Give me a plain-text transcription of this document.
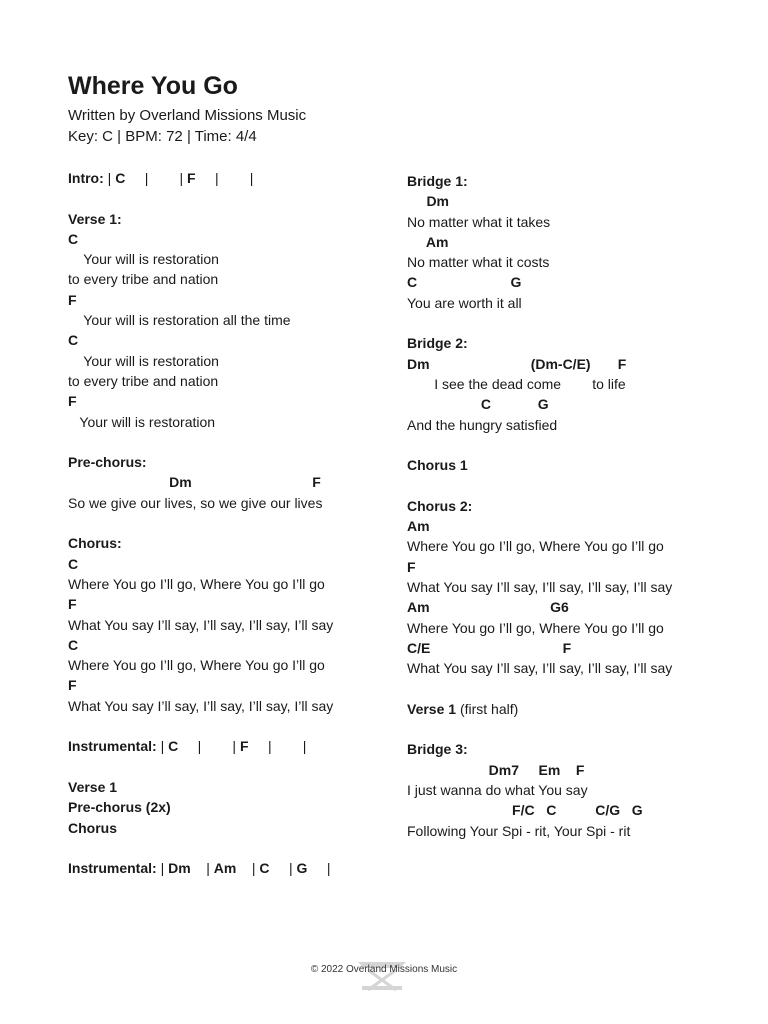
Where You Go
Written by Overland Missions Music
Key: C | BPM: 72 | Time: 4/4
Intro: | C     |        | F     |        |
Verse 1:
C
Your will is restoration
to every tribe and nation
F
Your will is restoration all the time
C
Your will is restoration
to every tribe and nation
F
Your will is restoration
Pre-chorus:
Dm                               F
So we give our lives, so we give our lives
Chorus:
C
Where You go I’ll go, Where You go I’ll go
F
What You say I’ll say, I’ll say, I’ll say, I’ll say
C
Where You go I’ll go, Where You go I’ll go
F
What You say I’ll say, I’ll say, I’ll say, I’ll say
Instrumental: | C     |        | F     |        |
Verse 1
Pre-chorus (2x)
Chorus
Instrumental: | Dm    | Am    | C     | G     |
Bridge 1:
Dm
No matter what it takes
Am
No matter what it costs
C                        G
You are worth it all
Bridge 2:
Dm                          (Dm-C/E)       F
I see the dead come        to life
C            G
And the hungry satisfied
Chorus 1
Chorus 2:
Am
Where You go I’ll go, Where You go I’ll go
F
What You say I’ll say, I’ll say, I’ll say, I’ll say
Am                               G6
Where You go I’ll go, Where You go I’ll go
C/E                                  F
What You say I’ll say, I’ll say, I’ll say, I’ll say
Verse 1 (first half)
Bridge 3:
Dm7     Em    F
I just wanna do what You say
F/C   C          C/G   G
Following Your Spi - rit, Your Spi - rit
© 2022 Overland Missions Music
